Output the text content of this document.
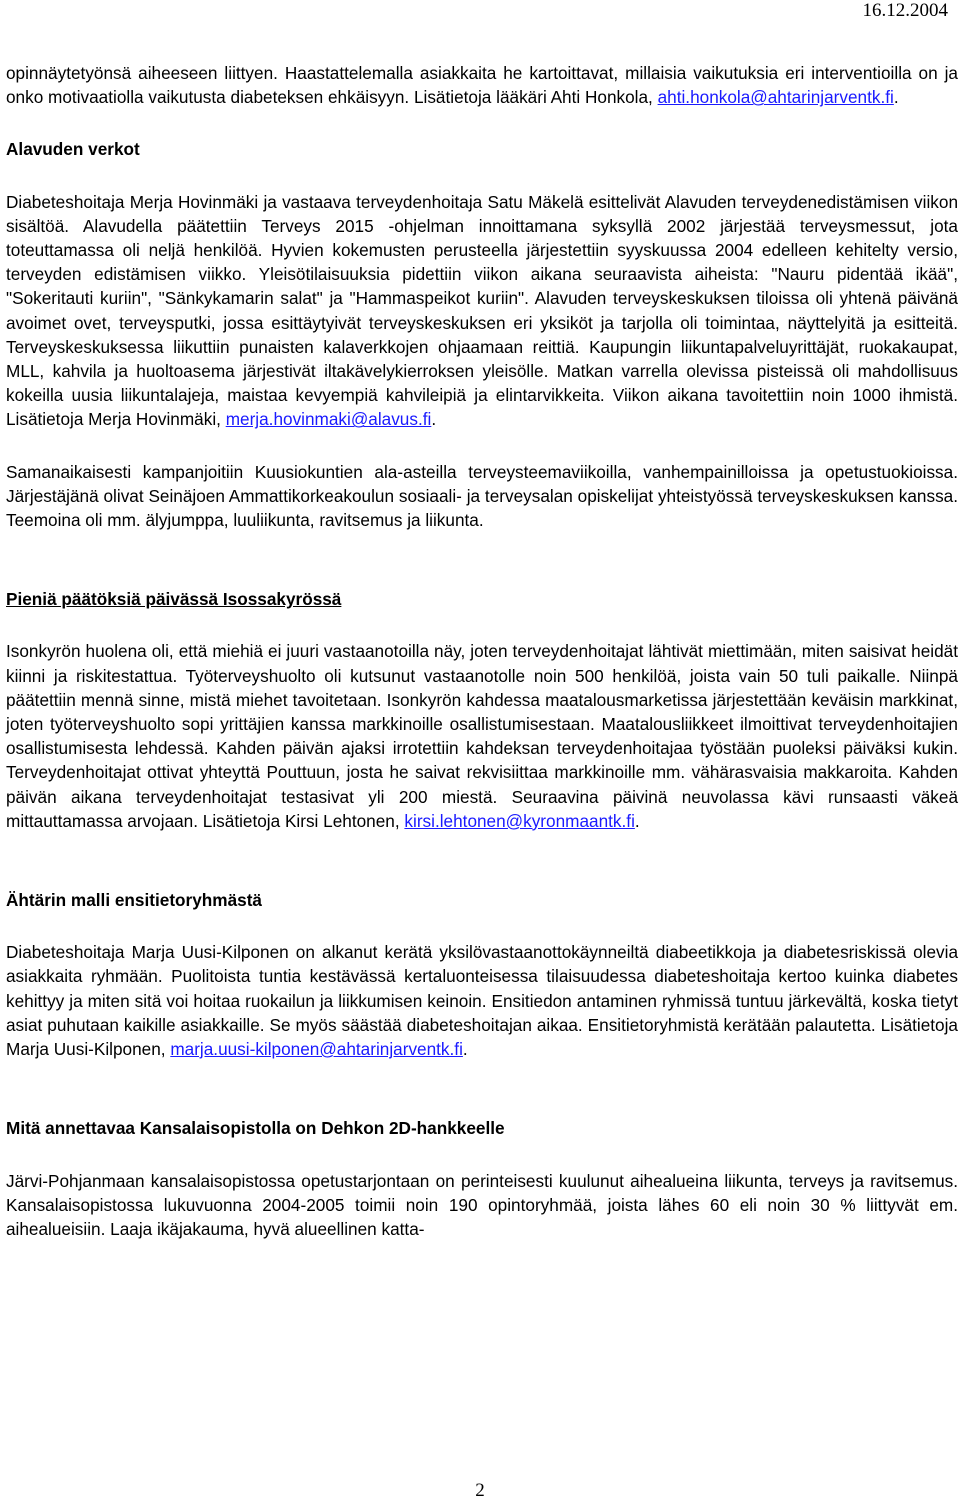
16.12.2004

opinnäytetyönsä aiheeseen liittyen. Haastattelemalla asiakkaita he kartoittavat, millaisia vaikutuksia eri interventioilla on ja onko motivaatiolla vaikutusta diabeteksen ehkäisyyn. Lisätietoja lääkäri Ahti Honkola, ahti.honkola@ahtarinjarventk.fi.

Alavuden verkot

Diabeteshoitaja Merja Hovinmäki ja vastaava terveydenhoitaja Satu Mäkelä esittelivät Alavuden terveydenedistämisen viikon sisältöä. Alavudella päätettiin Terveys 2015 -ohjelman innoittamana syksyllä 2002 järjestää terveysmessut, jota toteuttamassa oli neljä henkilöä. Hyvien kokemusten perusteella järjestettiin syyskuussa 2004 edelleen kehitelty versio, terveyden edistämisen viikko. Yleisötilaisuuksia pidettiin viikon aikana seuraavista aiheista: "Nauru pidentää ikää", "Sokeritauti kuriin", "Sänkykamarin salat" ja "Hammaspeikot kuriin". Alavuden terveyskeskuksen tiloissa oli yhtenä päivänä avoimet ovet, terveysputki, jossa esittäytyivät terveyskeskuksen eri yksiköt ja tarjolla oli toimintaa, näyttelyitä ja esitteitä. Terveyskeskuksessa liikuttiin punaisten kalaverkkojen ohjaamaan reittiä. Kaupungin liikuntapalveluyrittäjät, ruokakaupat, MLL, kahvila ja huoltoasema järjestivät iltakävelykierroksen yleisölle. Matkan varrella olevissa pisteissä oli mahdollisuus kokeilla uusia liikuntalajeja, maistaa kevyempiä kahvileipiä ja elintarvikkeita. Viikon aikana tavoitettiin noin 1000 ihmistä. Lisätietoja Merja Hovinmäki, merja.hovinmaki@alavus.fi.

Samanaikaisesti kampanjoitiin Kuusiokuntien ala-asteilla terveysteemaviikoilla, vanhempainilloissa ja opetustuokioissa. Järjestäjänä olivat Seinäjoen Ammattikorkeakoulun sosiaali- ja terveysalan opiskelijat yhteistyössä terveyskeskuksen kanssa. Teemoina oli mm. älyjumppa, luuliikunta, ravitsemus ja liikunta.

Pieniä päätöksiä päivässä Isossakyrössä

Isonkyrön huolena oli, että miehiä ei juuri vastaanotoilla näy, joten terveydenhoitajat lähtivät miettimään, miten saisivat heidät kiinni ja riskitestattua. Työterveyshuolto oli kutsunut vastaanotolle noin 500 henkilöä, joista vain 50 tuli paikalle. Niinpä päätettiin mennä sinne, mistä miehet tavoitetaan. Isonkyrön kahdessa maatalousmarketissa järjestettään keväisin markkinat, joten työterveyshuolto sopi yrittäjien kanssa markkinoille osallistumisestaan. Maatalousliikkeet ilmoittivat terveydenhoitajien osallistumisesta lehdessä. Kahden päivän ajaksi irrotettiin kahdeksan terveydenhoitajaa työstään puoleksi päiväksi kukin. Terveydenhoitajat ottivat yhteyttä Pouttuun, josta he saivat rekvisiittaa markkinoille mm. vähärasvaisia makkaroita. Kahden päivän aikana terveydenhoitajat testasivat yli 200 miestä. Seuraavina päivinä neuvolassa kävi runsaasti väkeä mittauttamassa arvojaan. Lisätietoja Kirsi Lehtonen, kirsi.lehtonen@kyronmaantk.fi.

Ähtärin malli ensitietoryhmästä

Diabeteshoitaja Marja Uusi-Kilponen on alkanut kerätä yksilövastaanottokäynneiltä diabeetikkoja ja diabetesriskissä olevia asiakkaita ryhmään. Puolitoista tuntia kestävässä kertaluonteisessa tilaisuudessa diabeteshoitaja kertoo kuinka diabetes kehittyy ja miten sitä voi hoitaa ruokailun ja liikkumisen keinoin. Ensitiedon antaminen ryhmissä tuntuu järkevältä, koska tietyt asiat puhutaan kaikille asiakkaille. Se myös säästää diabeteshoitajan aikaa. Ensitietoryhmistä kerätään palautetta. Lisätietoja Marja Uusi-Kilponen, marja.uusi-kilponen@ahtarinjarventk.fi.

Mitä annettavaa Kansalaisopistolla on Dehkon 2D-hankkeelle

Järvi-Pohjanmaan kansalaisopistossa opetustarjontaan on perinteisesti kuulunut aihealueina liikunta, terveys ja ravitsemus. Kansalaisopistossa lukuvuonna 2004-2005 toimii noin 190 opintoryhmää, joista lähes 60 eli noin 30 % liittyvät em. aihealueisiin. Laaja ikäjakauma, hyvä alueellinen katta-

2
